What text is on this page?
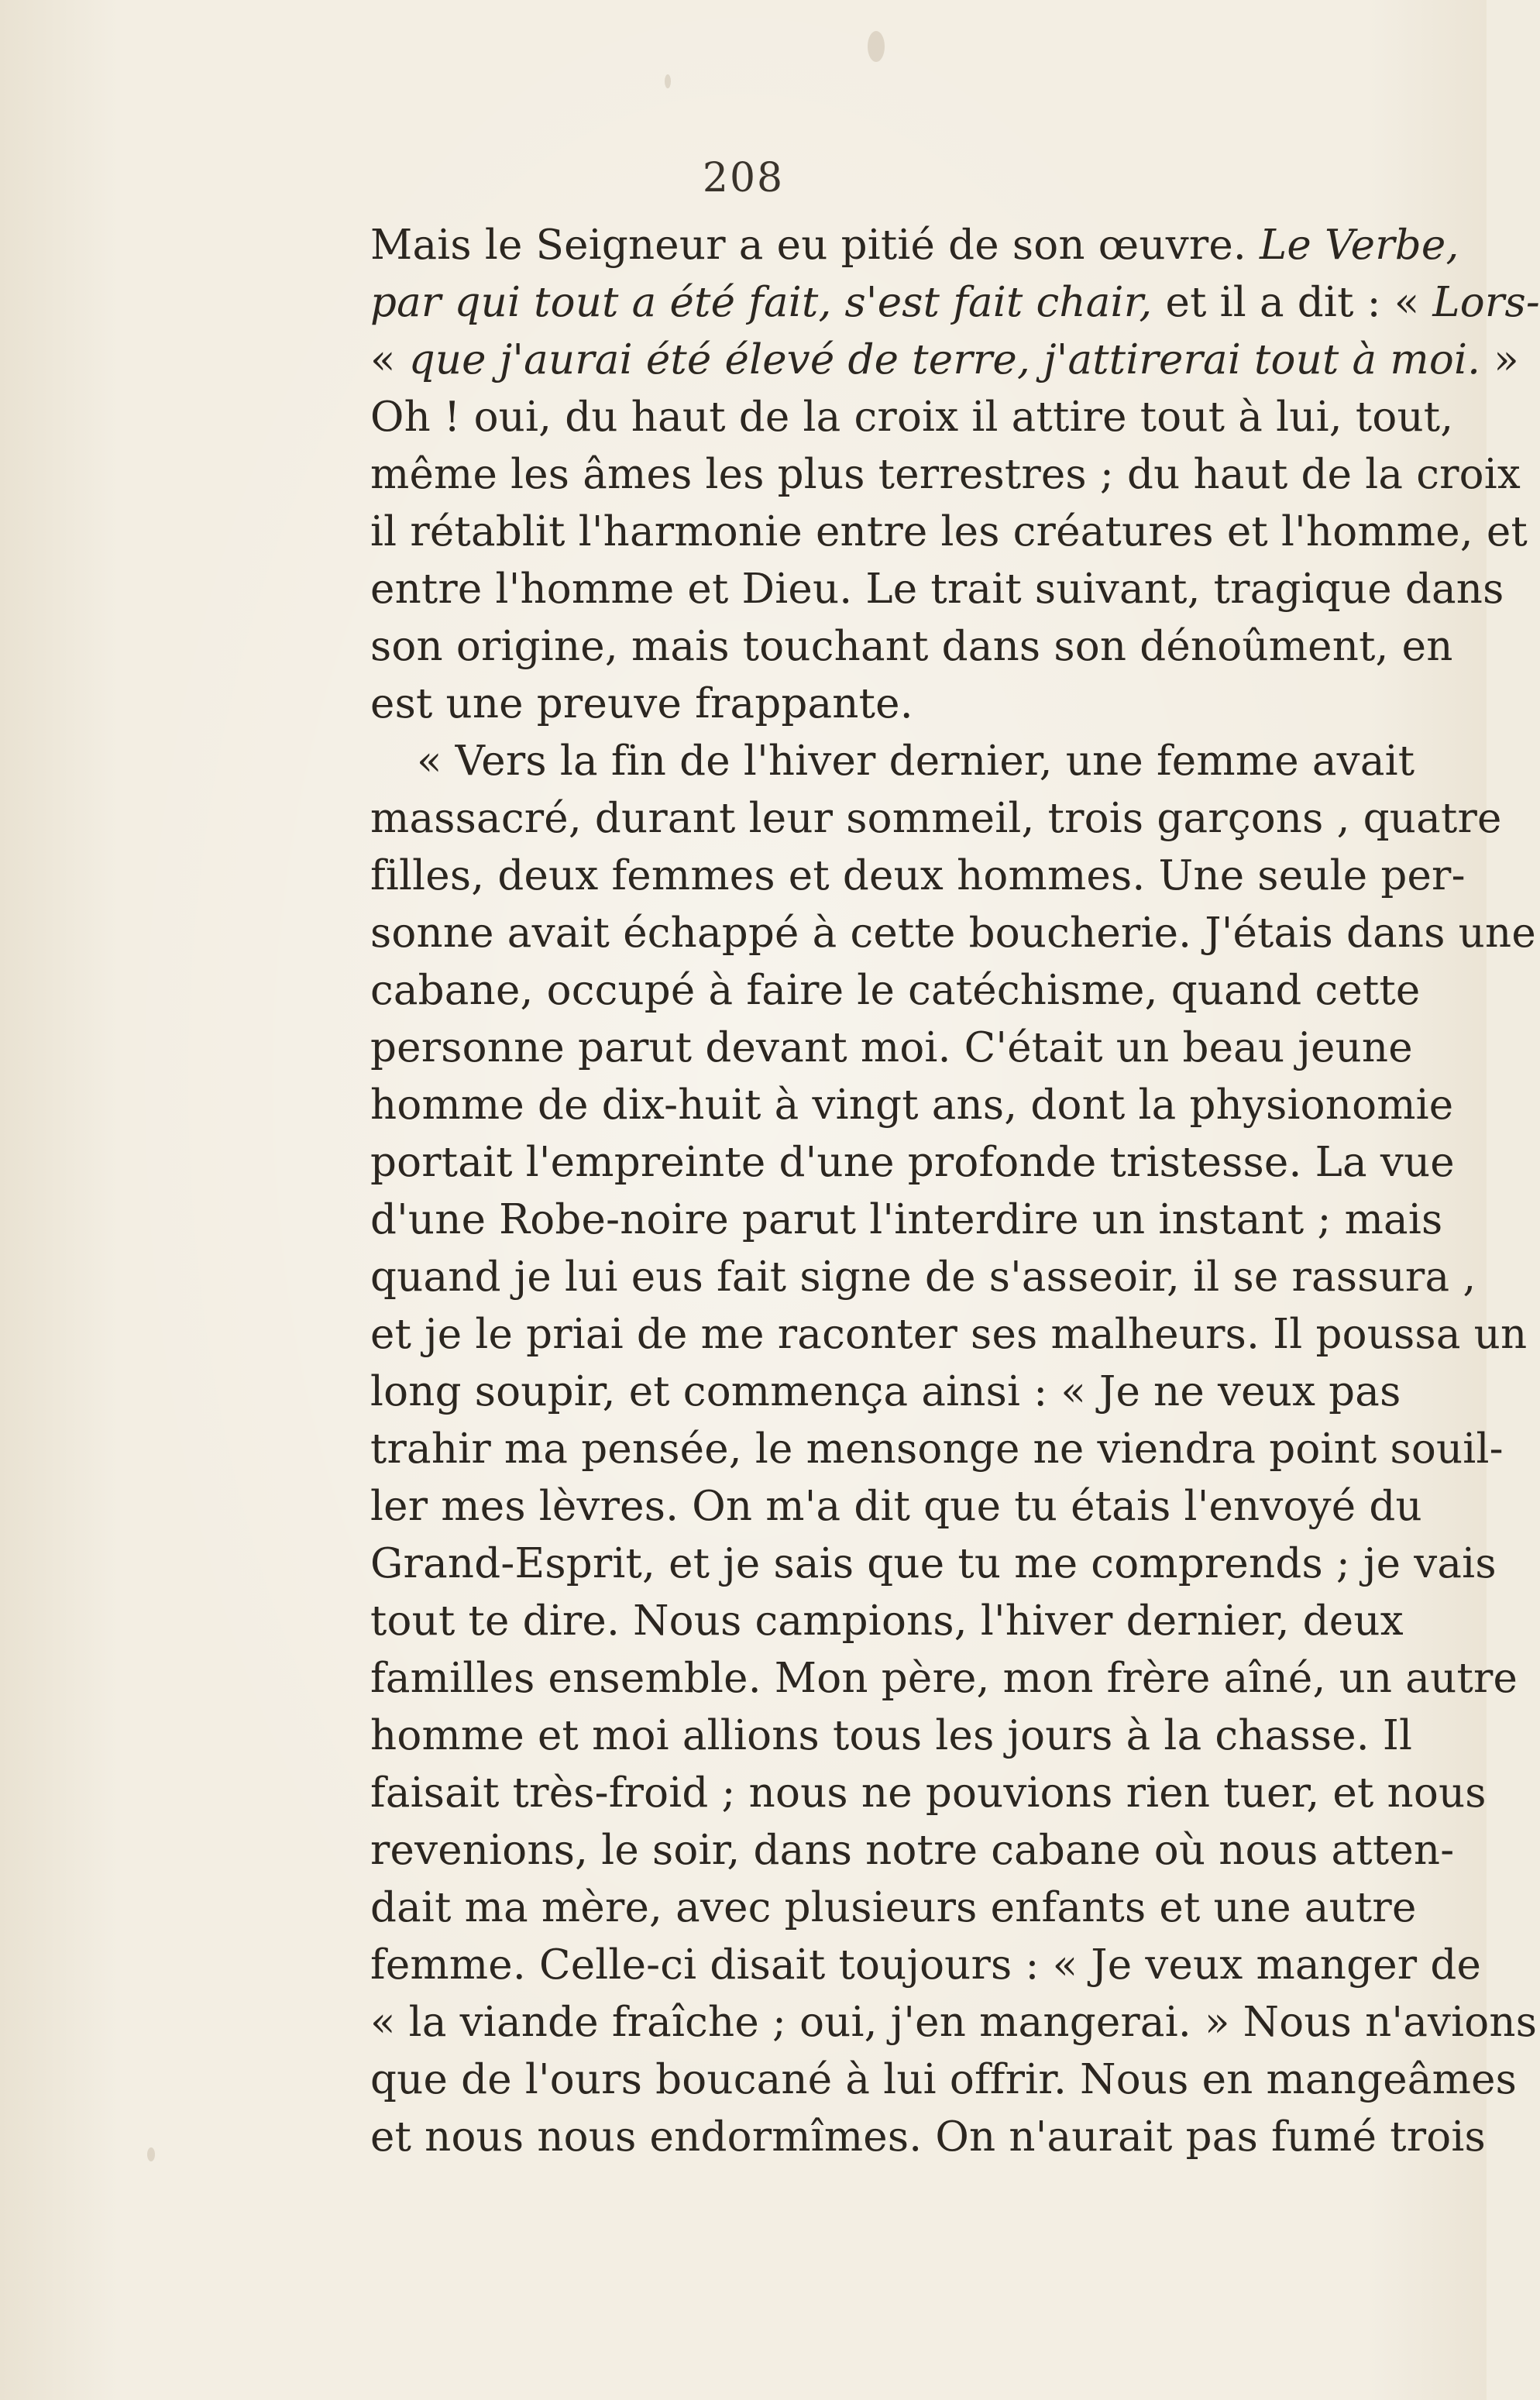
208
Mais le Seigneur a eu pitié de son œuvre. Le Verbe,
par qui tout a été fait, s'est fait chair, et il a dit : « Lors-
« que j'aurai été élevé de terre, j'attirerai tout à moi. »
Oh ! oui, du haut de la croix il attire tout à lui, tout,
même les âmes les plus terrestres ; du haut de la croix
il rétablit l'harmonie entre les créatures et l'homme, et
entre l'homme et Dieu. Le trait suivant, tragique dans
son origine, mais touchant dans son dénoûment, en
est une preuve frappante.
« Vers la fin de l'hiver dernier, une femme avait
massacré, durant leur sommeil, trois garçons , quatre
filles, deux femmes et deux hommes. Une seule per-
sonne avait échappé à cette boucherie. J'étais dans une
cabane, occupé à faire le catéchisme, quand cette
personne parut devant moi. C'était un beau jeune
homme de dix-huit à vingt ans, dont la physionomie
portait l'empreinte d'une profonde tristesse. La vue
d'une Robe-noire parut l'interdire un instant ; mais
quand je lui eus fait signe de s'asseoir, il se rassura ,
et je le priai de me raconter ses malheurs. Il poussa un
long soupir, et commença ainsi : « Je ne veux pas
trahir ma pensée, le mensonge ne viendra point souil-
ler mes lèvres. On m'a dit que tu étais l'envoyé du
Grand-Esprit, et je sais que tu me comprends ; je vais
tout te dire. Nous campions, l'hiver dernier, deux
familles ensemble. Mon père, mon frère aîné, un autre
homme et moi allions tous les jours à la chasse. Il
faisait très-froid ; nous ne pouvions rien tuer, et nous
revenions, le soir, dans notre cabane où nous atten-
dait ma mère, avec plusieurs enfants et une autre
femme. Celle-ci disait toujours : « Je veux manger de
« la viande fraîche ; oui, j'en mangerai. » Nous n'avions
que de l'ours boucané à lui offrir. Nous en mangeâmes
et nous nous endormîmes. On n'aurait pas fumé trois
